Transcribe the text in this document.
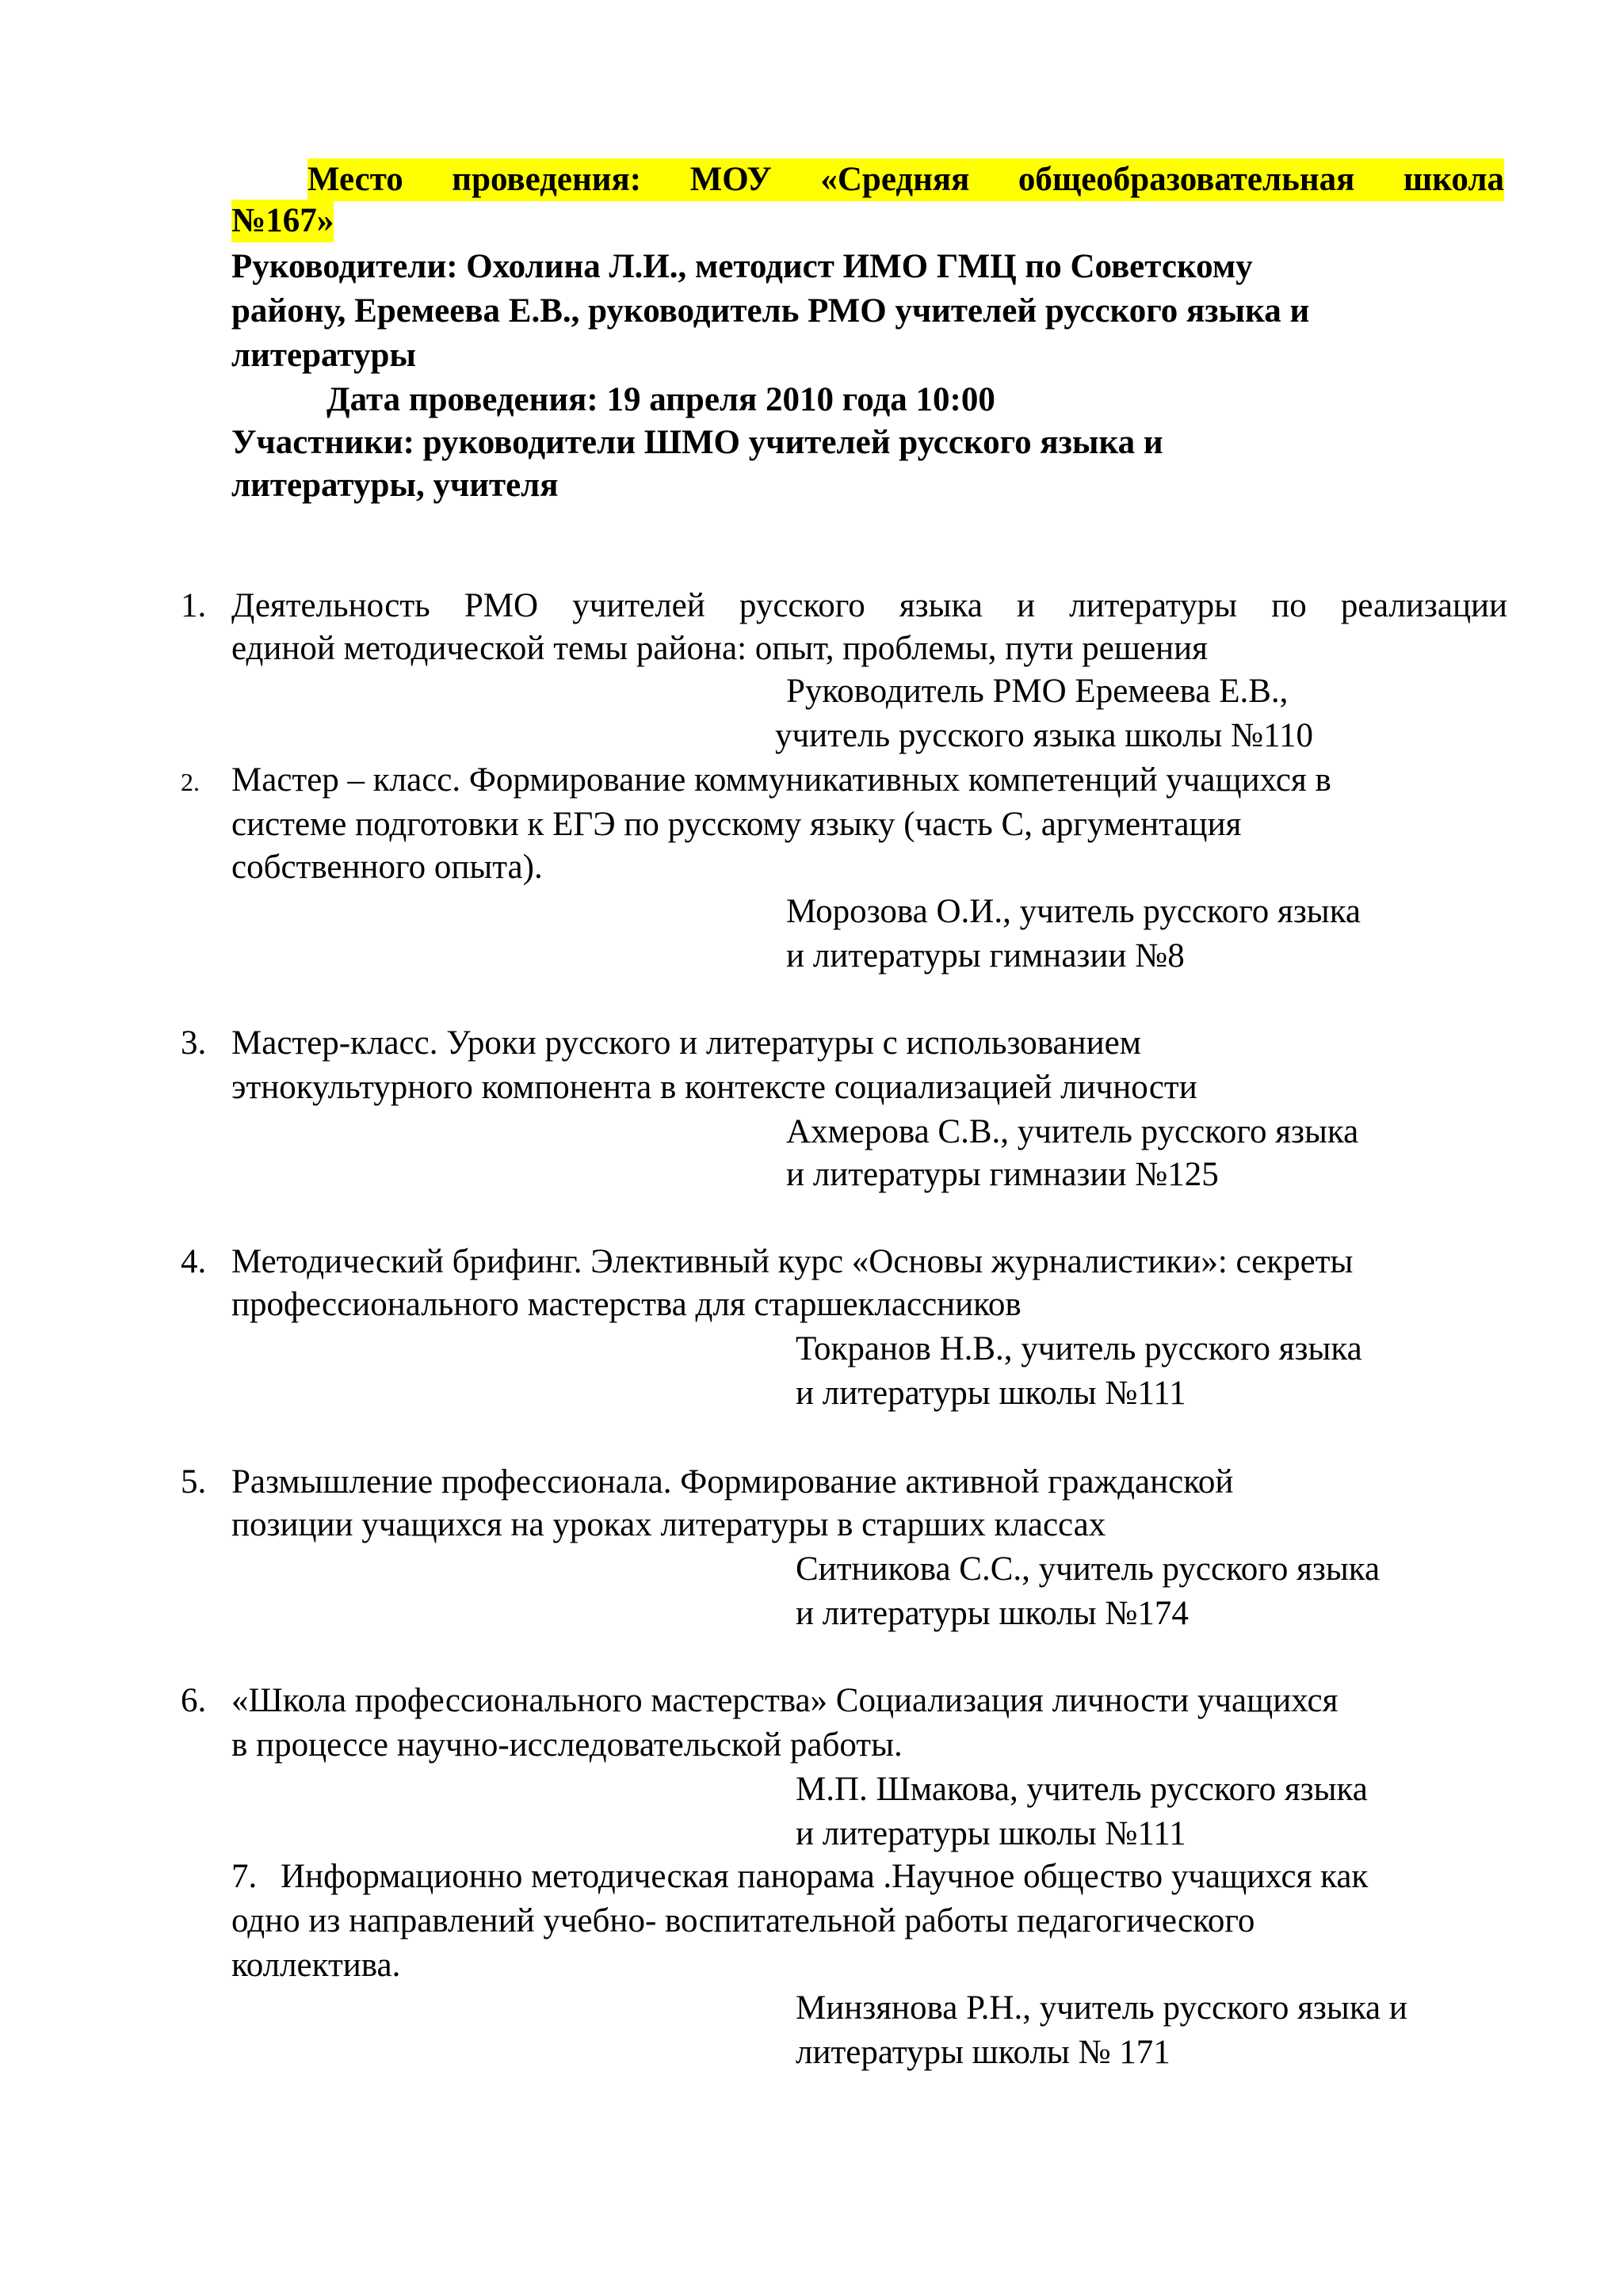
Место проведения: МОУ «Средняя общеобразовательная школа
№167»
Руководители: Охолина Л.И., методист ИМО ГМЦ по Советскому
району, Еремеева Е.В., руководитель РМО учителей русского языка и
литературы
Дата проведения: 19 апреля 2010 года 10:00
Участники: руководители ШМО учителей русского языка и
литературы, учителя
1. Деятельность РМО учителей русского языка и литературы по реализации
единой методической темы района: опыт, проблемы, пути решения
Руководитель РМО Еремеева Е.В.,
учитель русского языка школы №110
2. Мастер – класс. Формирование коммуникативных компетенций учащихся в
системе подготовки к ЕГЭ по русскому языку (часть С, аргументация
собственного опыта).
Морозова О.И., учитель русского языка
и литературы гимназии №8
3. Мастер-класс. Уроки русского и литературы с использованием
этнокультурного компонента в контексте социализацией личности
Ахмерова С.В., учитель русского языка
и литературы гимназии №125
4. Методический брифинг. Элективный курс «Основы журналистики»: секреты
профессионального мастерства для старшеклассников
Токранов Н.В., учитель русского языка
и литературы школы №111
5. Размышление профессионала. Формирование активной гражданской
позиции учащихся на уроках литературы в старших классах
Ситникова С.С., учитель русского языка
и литературы школы №174
6. «Школа профессионального мастерства» Социализация личности учащихся
в процессе научно-исследовательской работы.
М.П. Шмакова, учитель русского языка
и литературы школы №111
7. Информационно методическая панорама .Научное общество учащихся как
одно из направлений учебно- воспитательной работы педагогического
коллектива.
Минзянова Р.Н., учитель русского языка и
литературы школы № 171
